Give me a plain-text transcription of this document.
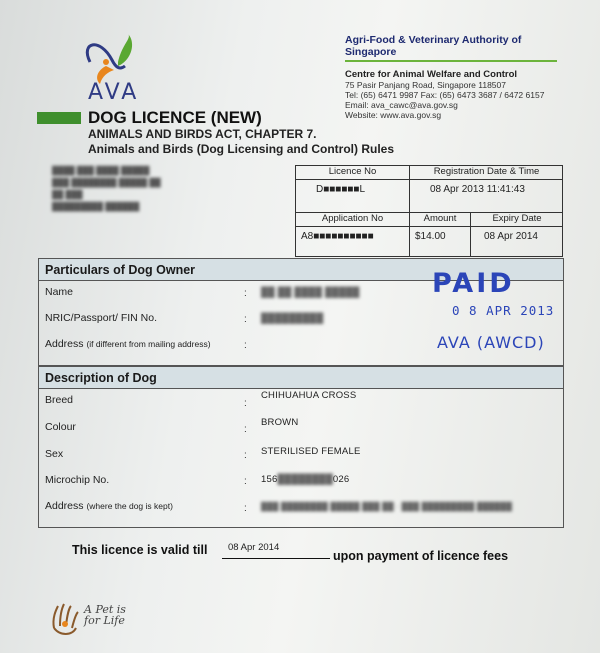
AVA
Agri-Food & Veterinary Authority of Singapore
Centre for Animal Welfare and Control
75 Pasir Panjang Road, Singapore 118507
Tel: (65) 6471 9987 Fax: (65) 6473 3687 / 6472 6157
Email: ava_cawc@ava.gov.sg
Website: www.ava.gov.sg
DOG LICENCE (NEW)
ANIMALS AND BIRDS ACT, CHAPTER 7.
Animals and Birds (Dog Licensing and Control) Rules
████ ███ ████ █████
███ ████████ █████ ██
██ ███
█████████ ██████
Licence No	Registration Date & Time
D■■■■■■L	08 Apr 2013 11:41:43
Application No	Amount	Expiry Date
A8■■■■■■■■■■	$14.00	08 Apr 2014
Particulars of Dog Owner
Name	: ██ ██ ████ █████
NRIC/Passport/ FIN No.	: █████████
Address (if different from mailing address)	:
PAID
0 8 APR 2013
AVA (AWCD)
Description of Dog
Breed	:
CHIHUAHUA CROSS
Colour	:
BROWN
Sex	: STERILISED FEMALE
Microchip No.	: 156████████026
Address (where the dog is kept)	: ███ ████████ █████ ███ ██ · ███ █████████ ██████
This licence is valid till 08 Apr 2014
upon payment of licence fees
A Pet is
for Life
